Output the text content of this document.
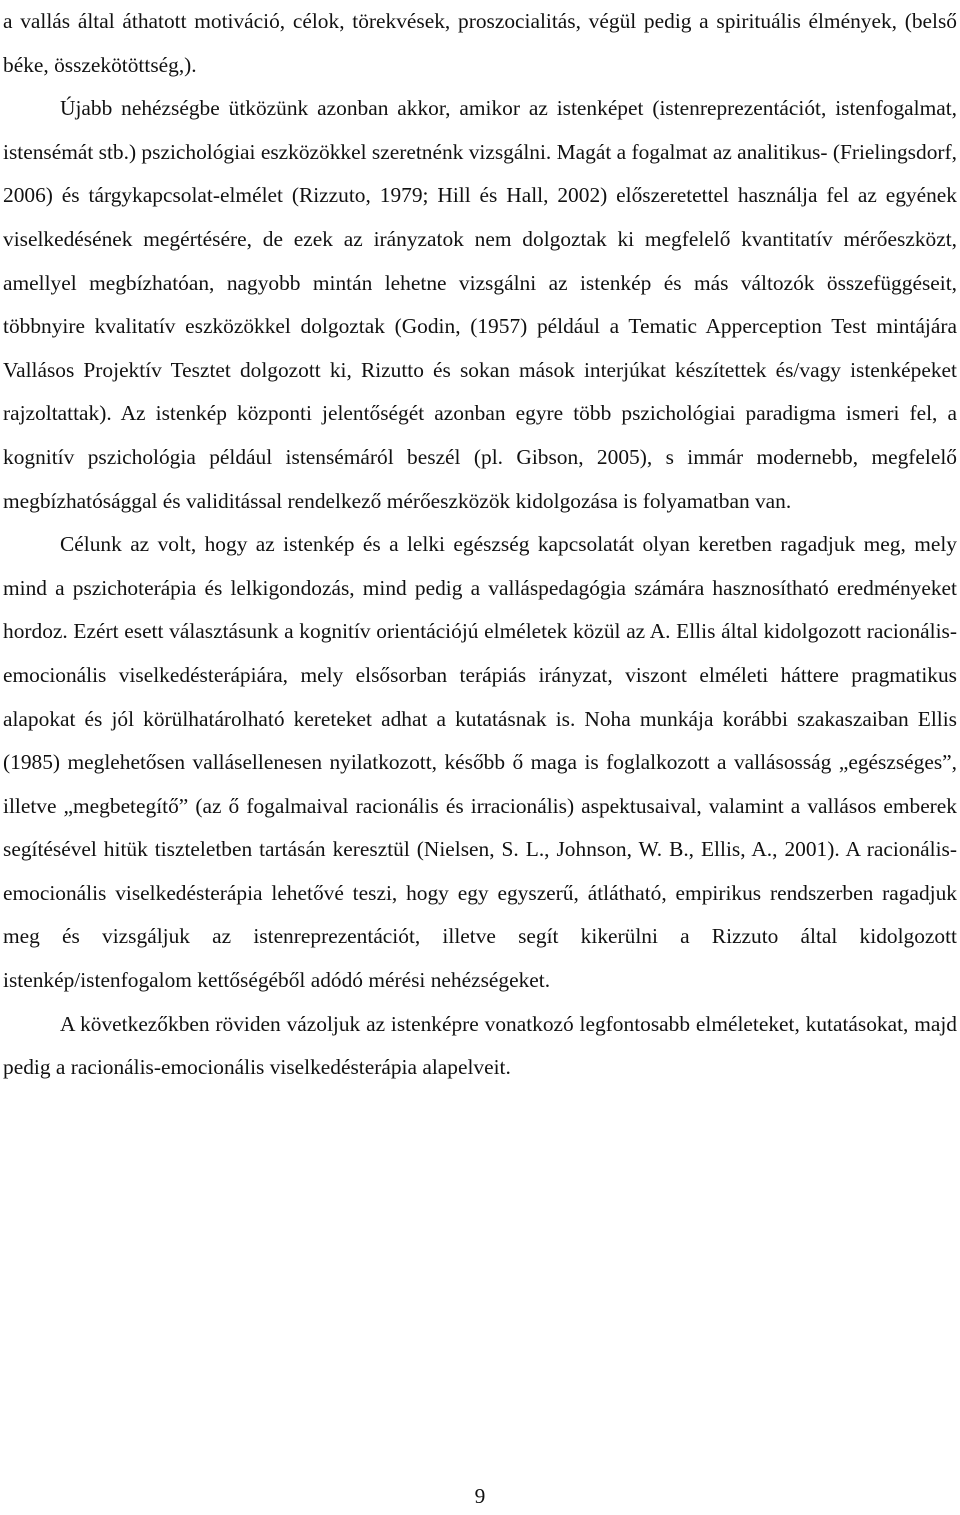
a vallás által áthatott motiváció, célok, törekvések, proszocialitás, végül pedig a spirituális élmények, (belső béke, összekötöttség,).

Újabb nehézségbe ütközünk azonban akkor, amikor az istenképet (istenreprezentációt, istenfogalmat, istensémát stb.) pszichológiai eszközökkel szeretnénk vizsgálni. Magát a fogalmat az analitikus- (Frielingsdorf, 2006) és tárgykapcsolat-elmélet (Rizzuto, 1979; Hill és Hall, 2002) előszeretettel használja fel az egyének viselkedésének megértésére, de ezek az irányzatok nem dolgoztak ki megfelelő kvantitatív mérőeszközt, amellyel megbízhatóan, nagyobb mintán lehetne vizsgálni az istenkép és más változók összefüggéseit, többnyire kvalitatív eszközökkel dolgoztak (Godin, (1957) például a Tematic Apperception Test mintájára Vallásos Projektív Tesztet dolgozott ki, Rizutto és sokan mások interjúkat készítettek és/vagy istenképeket rajzoltattak). Az istenkép központi jelentőségét azonban egyre több pszichológiai paradigma ismeri fel, a kognitív pszichológia például istensémáról beszél (pl. Gibson, 2005), s immár modernebb, megfelelő megbízhatósággal és validitással rendelkező mérőeszközök kidolgozása is folyamatban van.

Célunk az volt, hogy az istenkép és a lelki egészség kapcsolatát olyan keretben ragadjuk meg, mely mind a pszichoterápia és lelkigondozás, mind pedig a valláspedagógia számára hasznosítható eredményeket hordoz. Ezért esett választásunk a kognitív orientációjú elméletek közül az A. Ellis által kidolgozott racionális-emocionális viselkedésterápiára, mely elsősorban terápiás irányzat, viszont elméleti háttere pragmatikus alapokat és jól körülhatárolható kereteket adhat a kutatásnak is. Noha munkája korábbi szakaszaiban Ellis (1985) meglehetősen vallásellenesen nyilatkozott, később ő maga is foglalkozott a vallásosság „egészséges”, illetve „megbetegítő” (az ő fogalmaival racionális és irracionális) aspektusaival, valamint a vallásos emberek segítésével hitük tiszteletben tartásán keresztül (Nielsen, S. L., Johnson, W. B., Ellis, A., 2001). A racionális-emocionális viselkedésterápia lehetővé teszi, hogy egy egyszerű, átlátható, empirikus rendszerben ragadjuk meg és vizsgáljuk az istenreprezentációt, illetve segít kikerülni a Rizzuto által kidolgozott istenkép/istenfogalom kettőségéből adódó mérési nehézségeket.

A következőkben röviden vázoljuk az istenképre vonatkozó legfontosabb elméleteket, kutatásokat, majd pedig a racionális-emocionális viselkedésterápia alapelveit.

9
